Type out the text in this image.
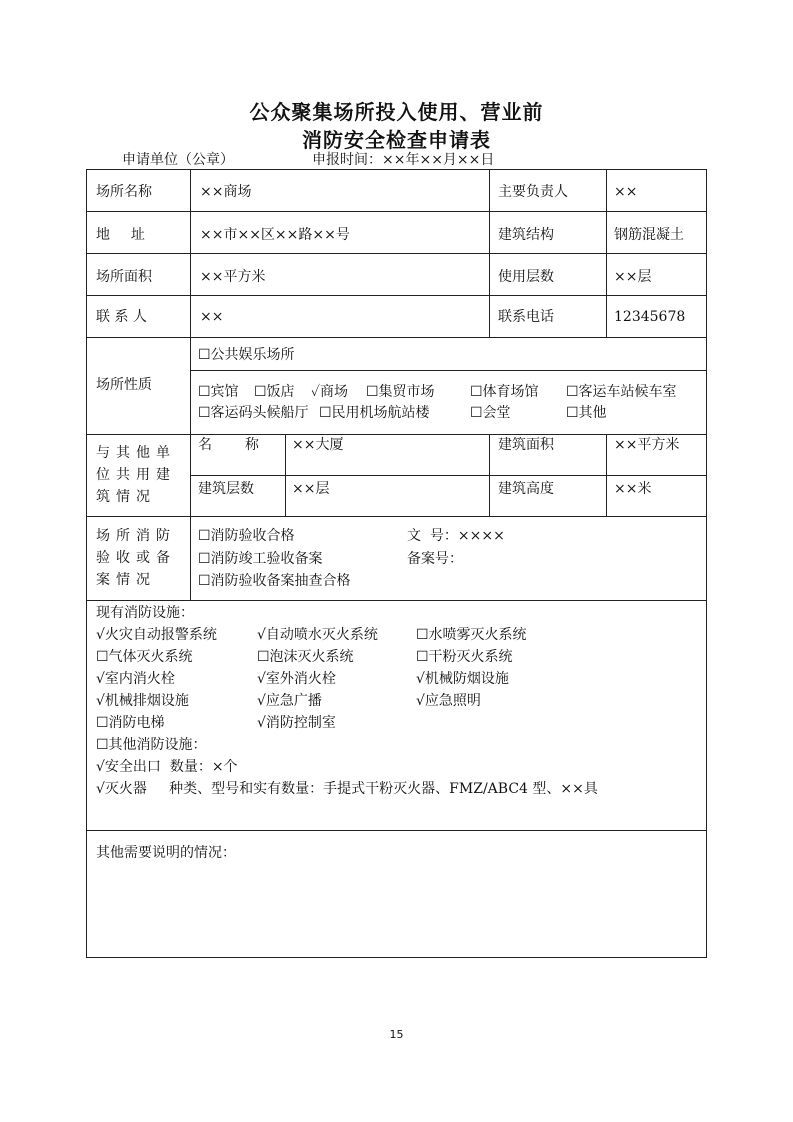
公众聚集场所投入使用、营业前
消防安全检查申请表
申请单位（公章）	申报时间：××年××月××日
场所名称	××商场	主要负责人	××
地  址	××市××区××路××号	建筑结构	钢筋混凝土
场所面积	××平方米	使用层数	××层
联 系 人	××	联系电话	12345678
场所性质
☐公共娱乐场所
☐宾馆 ☐饭店 ✓商场 ☐集贸市场	☐体育场馆 ☐客运车站候车室
☐客运码头候船厅 ☐民用机场航站楼	☐会堂	☐其他
与其他单位共用建筑情况
名  称 ××大厦	建筑面积	××平方米
建筑层数	××层	建筑高度	××米
场所消防验收或备案情况
☐消防验收合格	文  号：××××
☐消防竣工验收备案	备案号：
☐消防验收备案抽查合格
现有消防设施：
√火灾自动报警系统	√自动喷水灭火系统	☐水喷雾灭火系统
☐气体灭火系统	☐泡沫灭火系统	☐干粉灭火系统
√室内消火栓	√室外消火栓	√机械防烟设施
√机械排烟设施	√应急广播	√应急照明
☐消防电梯	√消防控制室
☐其他消防设施：
√安全出口  数量：×个
√灭火器     种类、型号和实有数量：手提式干粉灭火器、FMZ/ABC4 型、××具
其他需要说明的情况：
15
